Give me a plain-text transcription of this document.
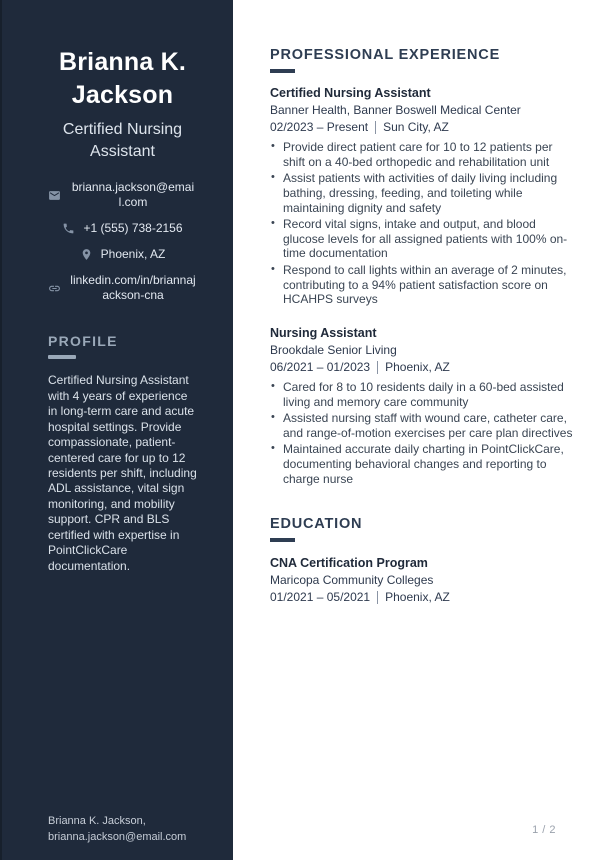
Brianna K. Jackson
Certified Nursing Assistant
brianna.jackson@email.com
+1 (555) 738-2156
Phoenix, AZ
linkedin.com/in/briannajackson-cna
PROFILE

Certified Nursing Assistant with 4 years of experience in long-term care and acute hospital settings. Provide compassionate, patient-centered care for up to 12 residents per shift, including ADL assistance, vital sign monitoring, and mobility support. CPR and BLS certified with expertise in PointClickCare documentation.

Brianna K. Jackson,
brianna.jackson@email.com
PROFESSIONAL EXPERIENCE
Certified Nursing Assistant
Banner Health, Banner Boswell Medical Center
02/2023 – Present Sun City, AZ
• Provide direct patient care for 10 to 12 patients per shift on a 40-bed orthopedic and rehabilitation unit
• Assist patients with activities of daily living including bathing, dressing, feeding, and toileting while maintaining dignity and safety
• Record vital signs, intake and output, and blood glucose levels for all assigned patients with 100% on-time documentation
• Respond to call lights within an average of 2 minutes, contributing to a 94% patient satisfaction score on HCAHPS surveys
Nursing Assistant
Brookdale Senior Living
06/2021 – 01/2023 Phoenix, AZ
• Cared for 8 to 10 residents daily in a 60-bed assisted living and memory care community
• Assisted nursing staff with wound care, catheter care, and range-of-motion exercises per care plan directives
• Maintained accurate daily charting in PointClickCare, documenting behavioral changes and reporting to charge nurse
EDUCATION
CNA Certification Program
Maricopa Community Colleges
01/2021 – 05/2021 Phoenix, AZ
1 / 2
